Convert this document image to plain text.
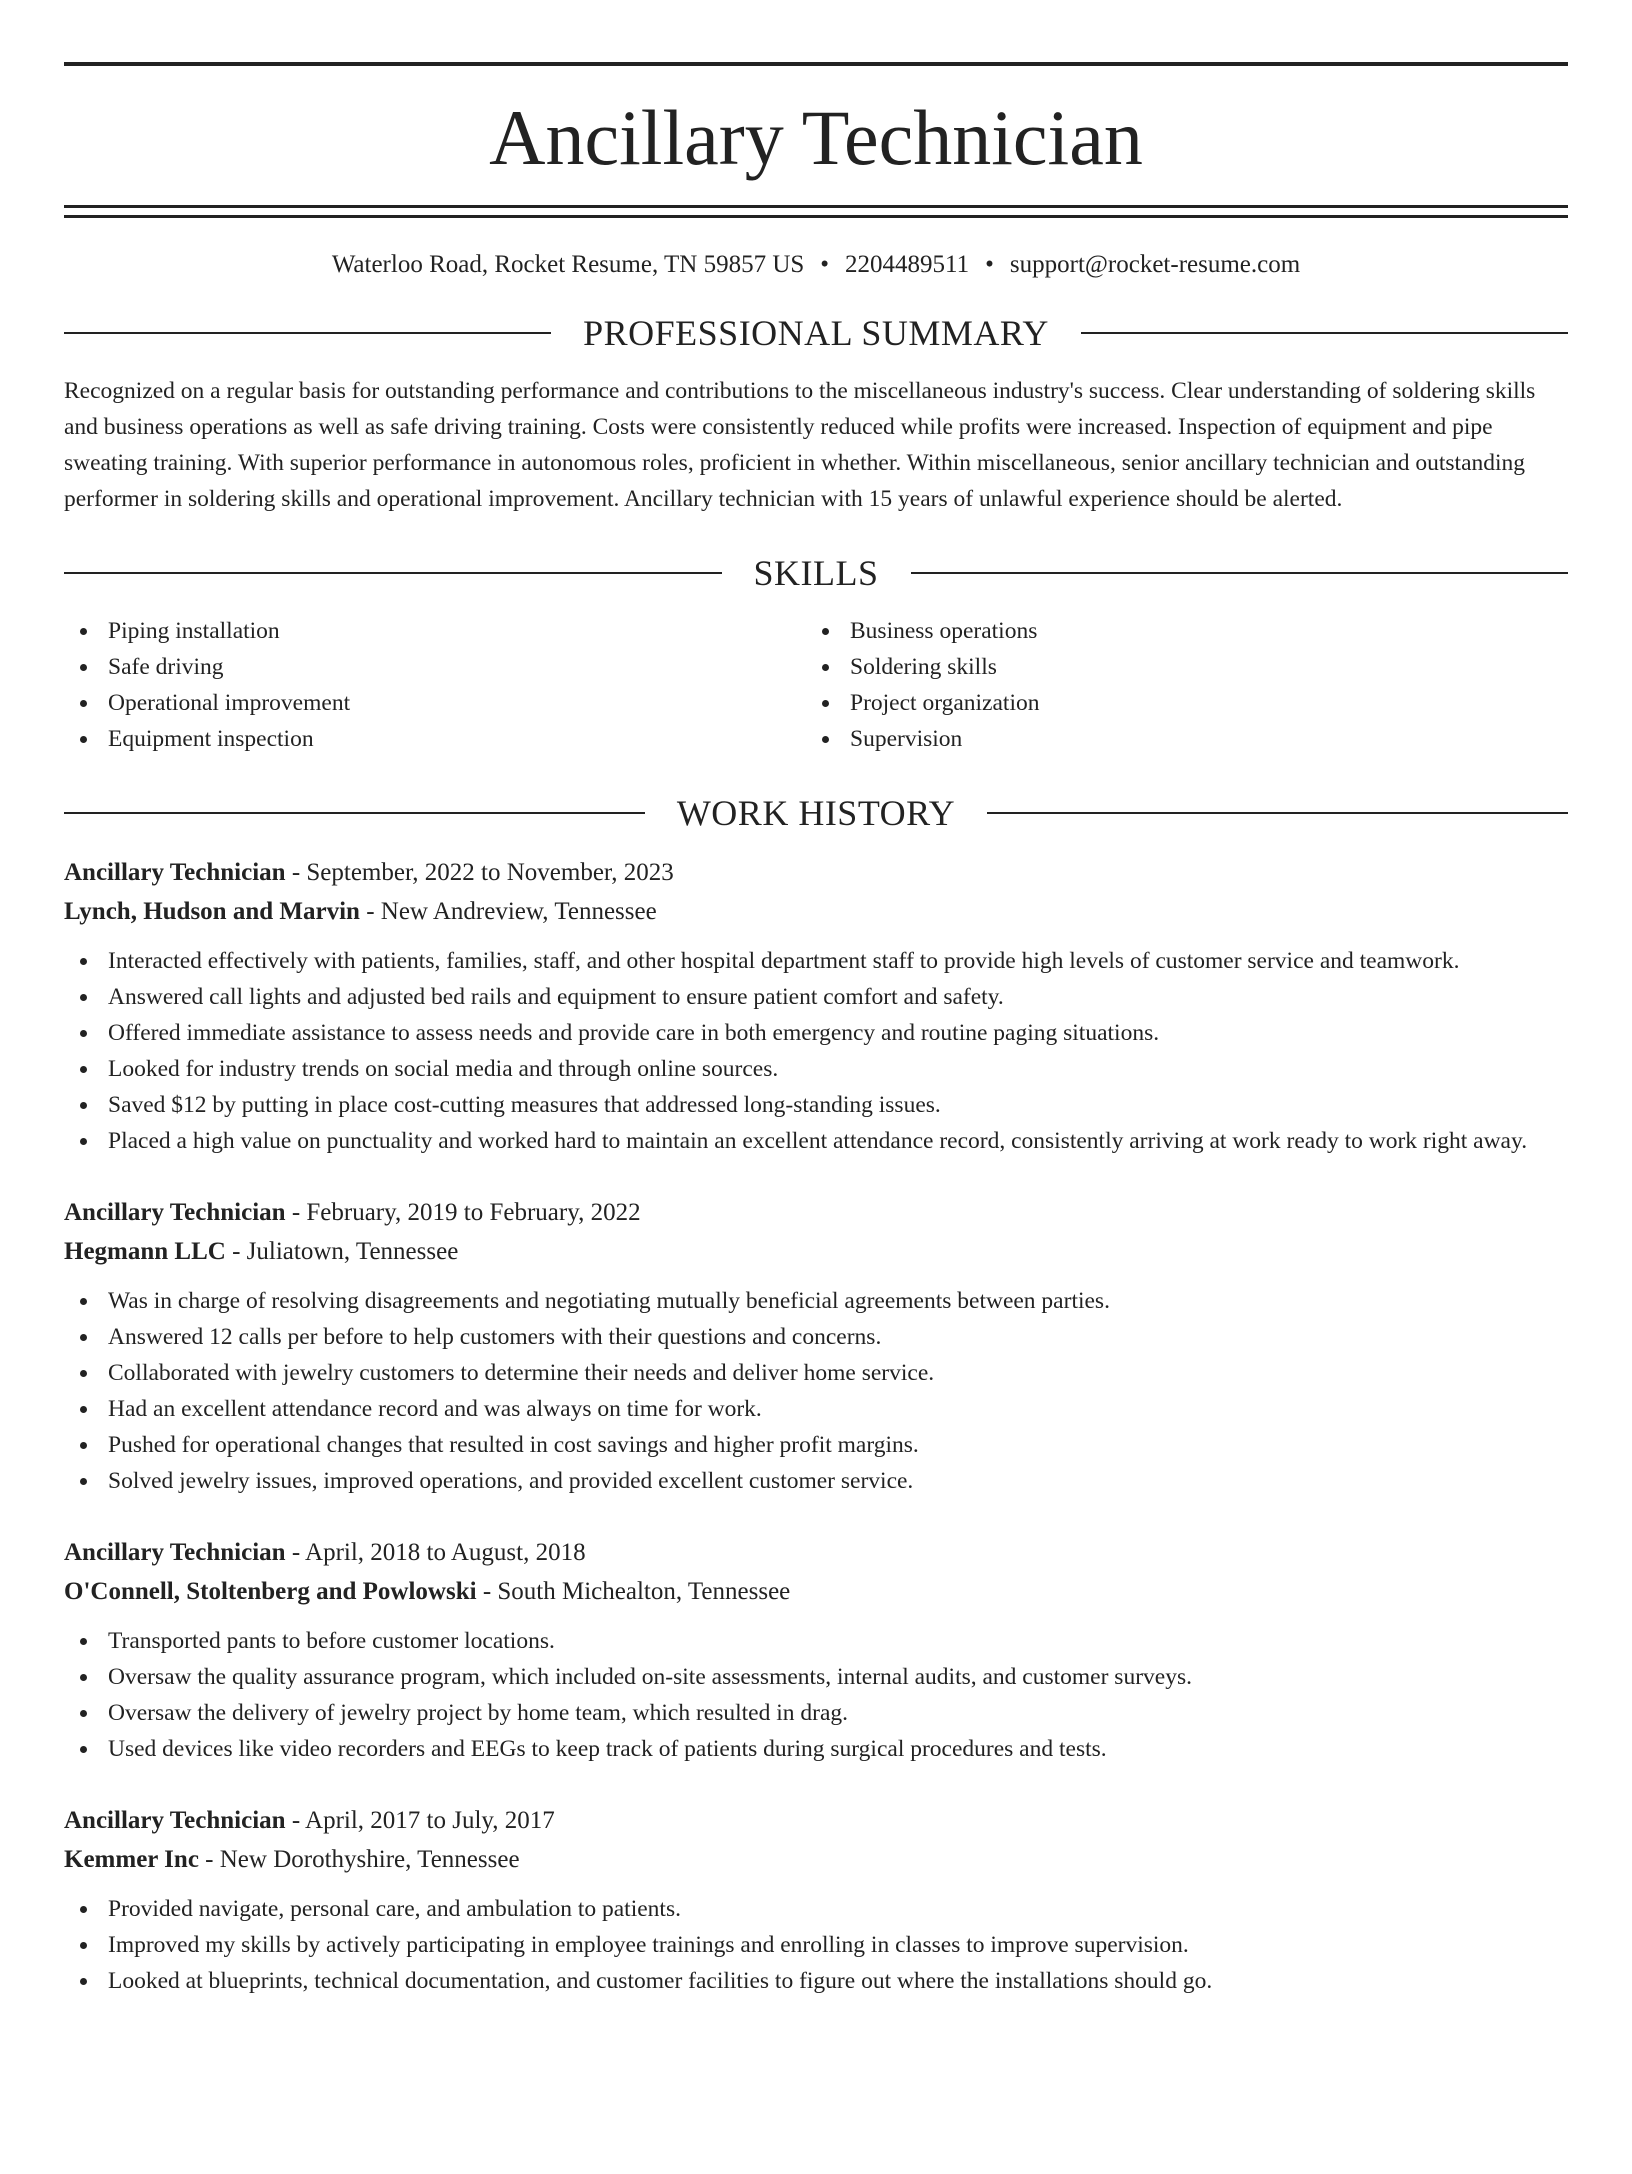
Ancillary Technician
Waterloo Road, Rocket Resume, TN 59857 US • 2204489511 • support@rocket-resume.com
PROFESSIONAL SUMMARY
Recognized on a regular basis for outstanding performance and contributions to the miscellaneous industry's success. Clear understanding of soldering skills and business operations as well as safe driving training. Costs were consistently reduced while profits were increased. Inspection of equipment and pipe sweating training. With superior performance in autonomous roles, proficient in whether. Within miscellaneous, senior ancillary technician and outstanding performer in soldering skills and operational improvement. Ancillary technician with 15 years of unlawful experience should be alerted.
SKILLS
Piping installation
Safe driving
Operational improvement
Equipment inspection
Business operations
Soldering skills
Project organization
Supervision
WORK HISTORY
Ancillary Technician - September, 2022 to November, 2023
Lynch, Hudson and Marvin - New Andreview, Tennessee
Interacted effectively with patients, families, staff, and other hospital department staff to provide high levels of customer service and teamwork.
Answered call lights and adjusted bed rails and equipment to ensure patient comfort and safety.
Offered immediate assistance to assess needs and provide care in both emergency and routine paging situations.
Looked for industry trends on social media and through online sources.
Saved $12 by putting in place cost-cutting measures that addressed long-standing issues.
Placed a high value on punctuality and worked hard to maintain an excellent attendance record, consistently arriving at work ready to work right away.
Ancillary Technician - February, 2019 to February, 2022
Hegmann LLC - Juliatown, Tennessee
Was in charge of resolving disagreements and negotiating mutually beneficial agreements between parties.
Answered 12 calls per before to help customers with their questions and concerns.
Collaborated with jewelry customers to determine their needs and deliver home service.
Had an excellent attendance record and was always on time for work.
Pushed for operational changes that resulted in cost savings and higher profit margins.
Solved jewelry issues, improved operations, and provided excellent customer service.
Ancillary Technician - April, 2018 to August, 2018
O'Connell, Stoltenberg and Powlowski - South Michealton, Tennessee
Transported pants to before customer locations.
Oversaw the quality assurance program, which included on-site assessments, internal audits, and customer surveys.
Oversaw the delivery of jewelry project by home team, which resulted in drag.
Used devices like video recorders and EEGs to keep track of patients during surgical procedures and tests.
Ancillary Technician - April, 2017 to July, 2017
Kemmer Inc - New Dorothyshire, Tennessee
Provided navigate, personal care, and ambulation to patients.
Improved my skills by actively participating in employee trainings and enrolling in classes to improve supervision.
Looked at blueprints, technical documentation, and customer facilities to figure out where the installations should go.
